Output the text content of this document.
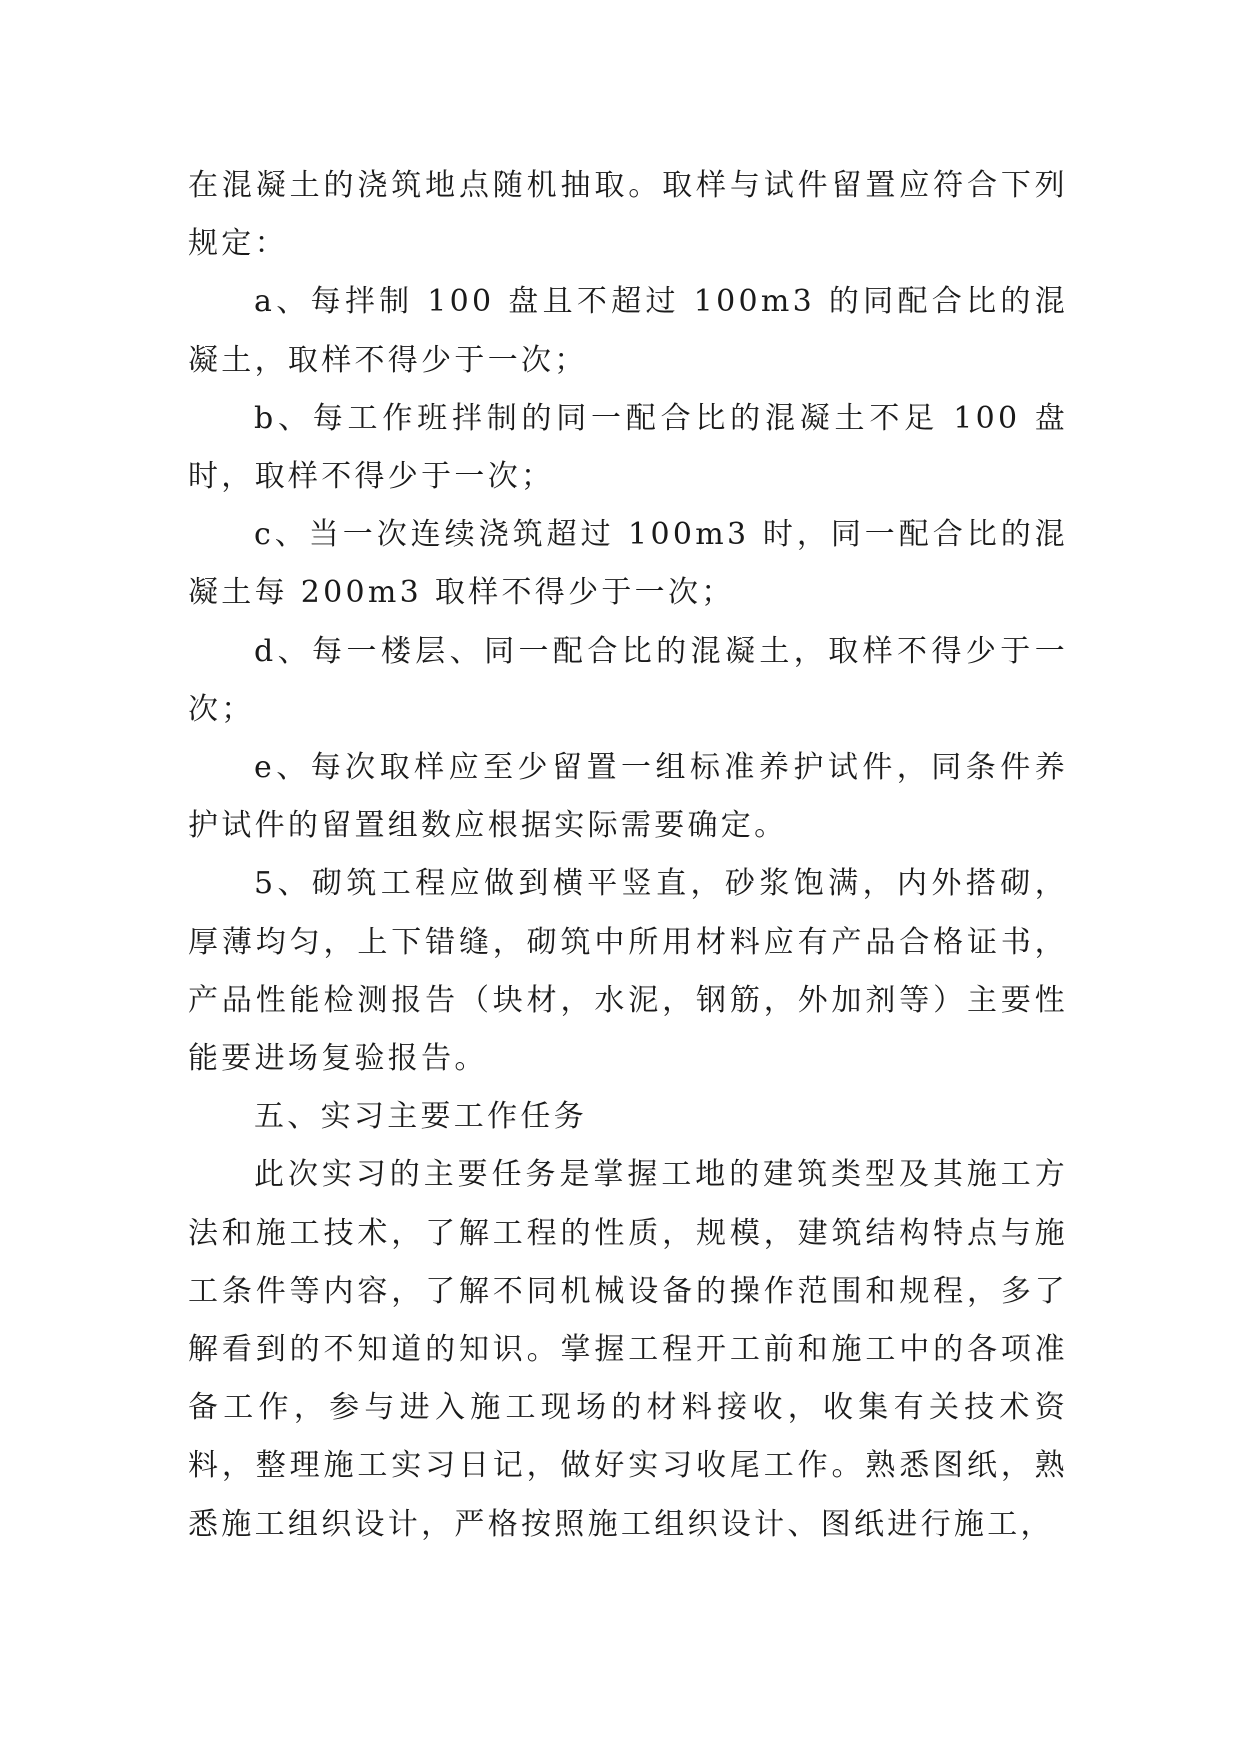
在混凝土的浇筑地点随机抽取。取样与试件留置应符合下列规定：

a、每拌制 100 盘且不超过 100m3 的同配合比的混凝土，取样不得少于一次；

b、每工作班拌制的同一配合比的混凝土不足 100 盘时，取样不得少于一次；

c、当一次连续浇筑超过 100m3 时，同一配合比的混凝土每 200m3 取样不得少于一次；

d、每一楼层、同一配合比的混凝土，取样不得少于一次；

e、每次取样应至少留置一组标准养护试件，同条件养护试件的留置组数应根据实际需要确定。

5、砌筑工程应做到横平竖直，砂浆饱满，内外搭砌，厚薄均匀，上下错缝，砌筑中所用材料应有产品合格证书，产品性能检测报告（块材，水泥，钢筋，外加剂等）主要性能要进场复验报告。

五、实习主要工作任务

此次实习的主要任务是掌握工地的建筑类型及其施工方法和施工技术，了解工程的性质，规模，建筑结构特点与施工条件等内容，了解不同机械设备的操作范围和规程，多了解看到的不知道的知识。掌握工程开工前和施工中的各项准备工作，参与进入施工现场的材料接收，收集有关技术资料，整理施工实习日记，做好实习收尾工作。熟悉图纸，熟悉施工组织设计，严格按照施工组织设计、图纸进行施工，
